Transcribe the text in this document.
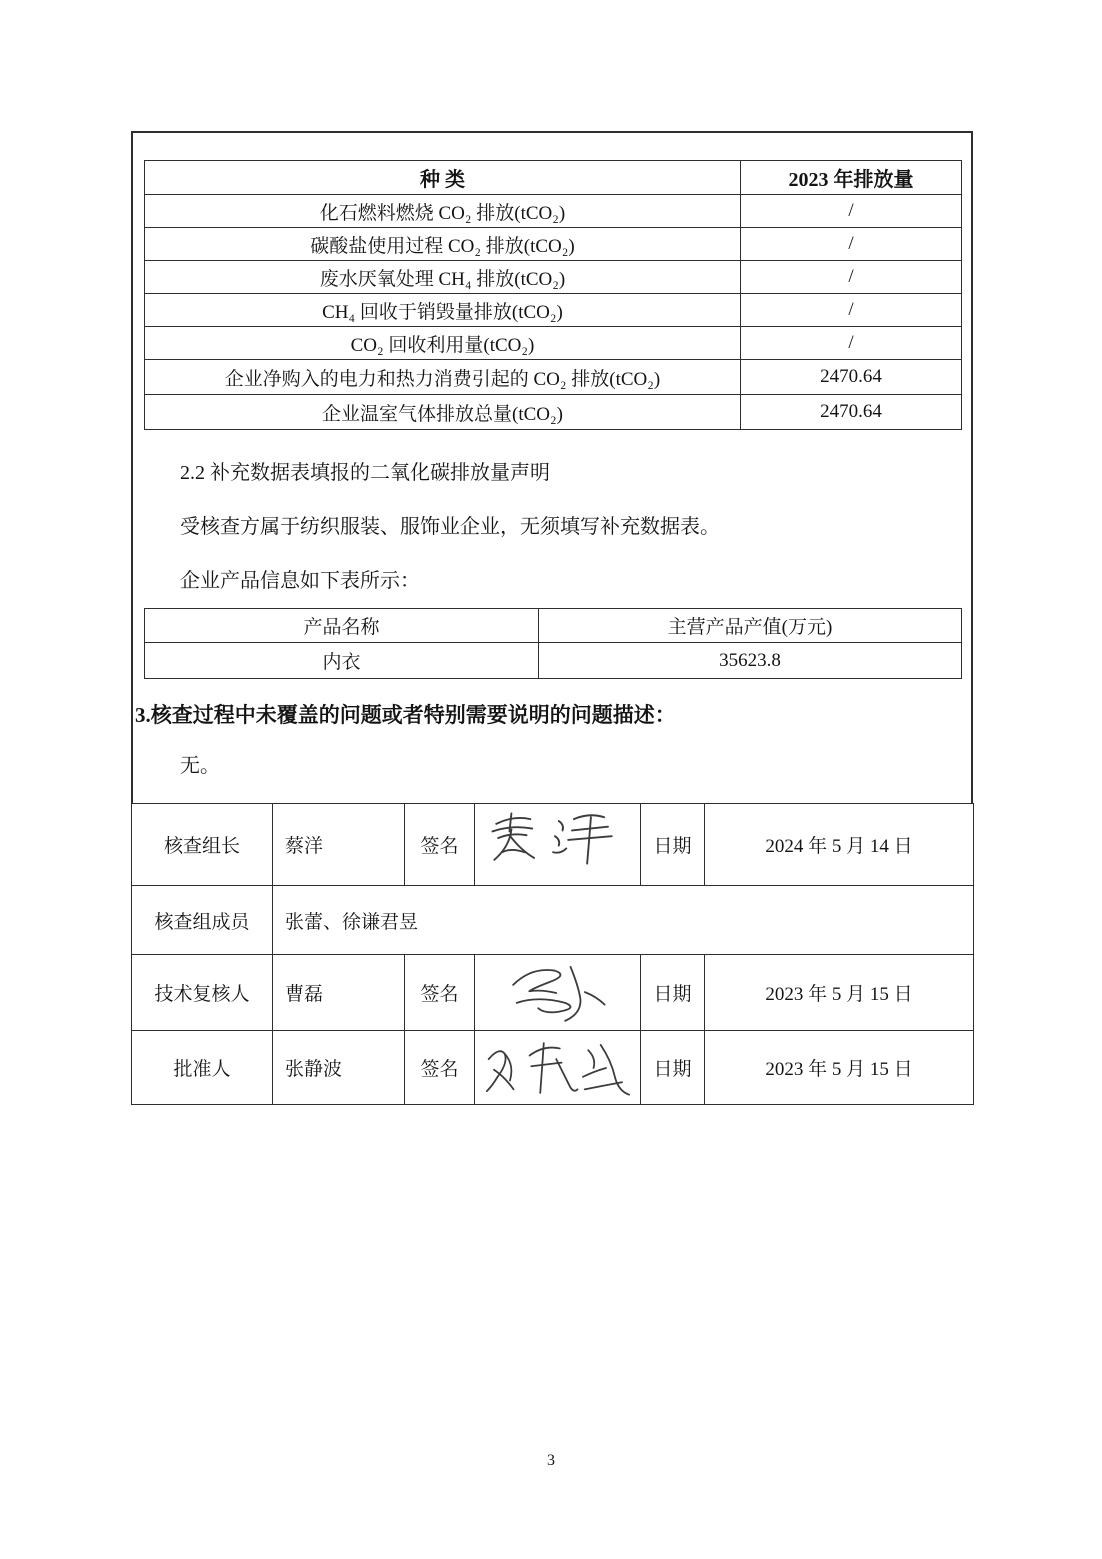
种 类	2023 年排放量
化石燃料燃烧 CO₂ 排放(tCO₂)	/
碳酸盐使用过程 CO₂ 排放(tCO₂)	/
废水厌氧处理 CH₄ 排放(tCO₂)	/
CH₄ 回收于销毁量排放(tCO₂)	/
CO₂ 回收利用量(tCO₂)	/
企业净购入的电力和热力消费引起的 CO₂ 排放(tCO₂)	2470.64
企业温室气体排放总量(tCO₂)	2470.64
2.2 补充数据表填报的二氧化碳排放量声明
受核查方属于纺织服装、服饰业企业，无须填写补充数据表。
企业产品信息如下表所示：
产品名称	主营产品产值(万元)
内衣	35623.8
3.核查过程中未覆盖的问题或者特别需要说明的问题描述：
无。
核查组长	蔡洋	签名		日期	2024 年 5 月 14 日
核查组成员	张蕾、徐谦君昱				
技术复核人	曹磊	签名		日期	2023 年 5 月 15 日
批准人	张静波	签名		日期	2023 年 5 月 15 日
3
